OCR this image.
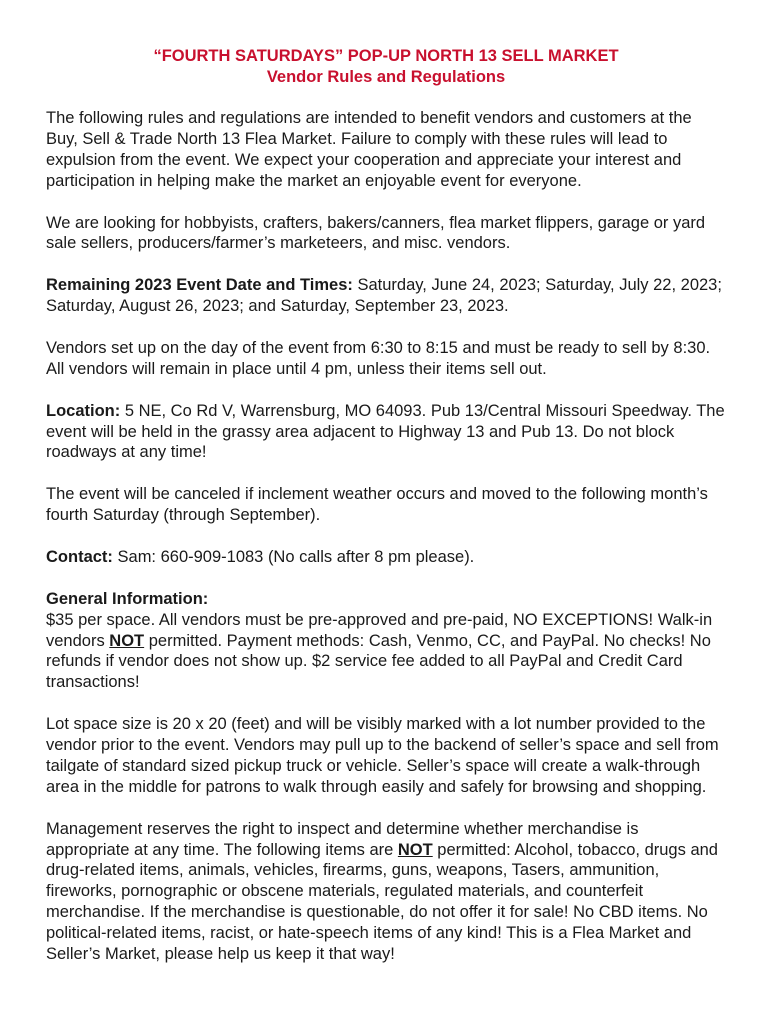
“FOURTH SATURDAYS” POP-UP NORTH 13 SELL MARKET
Vendor Rules and Regulations

The following rules and regulations are intended to benefit vendors and customers at the Buy, Sell & Trade North 13 Flea Market. Failure to comply with these rules will lead to expulsion from the event. We expect your cooperation and appreciate your interest and participation in helping make the market an enjoyable event for everyone.

We are looking for hobbyists, crafters, bakers/canners, flea market flippers, garage or yard sale sellers, producers/farmer’s marketeers, and misc. vendors.

Remaining 2023 Event Date and Times: Saturday, June 24, 2023; Saturday, July 22, 2023; Saturday, August 26, 2023; and Saturday, September 23, 2023.

Vendors set up on the day of the event from 6:30 to 8:15 and must be ready to sell by 8:30. All vendors will remain in place until 4 pm, unless their items sell out.

Location: 5 NE, Co Rd V, Warrensburg, MO 64093. Pub 13/Central Missouri Speedway. The event will be held in the grassy area adjacent to Highway 13 and Pub 13. Do not block roadways at any time!

The event will be canceled if inclement weather occurs and moved to the following month’s fourth Saturday (through September).

Contact: Sam: 660-909-1083 (No calls after 8 pm please).

General Information:

$35 per space. All vendors must be pre-approved and pre-paid, NO EXCEPTIONS! Walk-in vendors NOT permitted. Payment methods: Cash, Venmo, CC, and PayPal. No checks! No refunds if vendor does not show up. $2 service fee added to all PayPal and Credit Card transactions!

Lot space size is 20 x 20 (feet) and will be visibly marked with a lot number provided to the vendor prior to the event. Vendors may pull up to the backend of seller’s space and sell from tailgate of standard sized pickup truck or vehicle. Seller’s space will create a walk-through area in the middle for patrons to walk through easily and safely for browsing and shopping.

Management reserves the right to inspect and determine whether merchandise is appropriate at any time. The following items are NOT permitted: Alcohol, tobacco, drugs and drug-related items, animals, vehicles, firearms, guns, weapons, Tasers, ammunition, fireworks, pornographic or obscene materials, regulated materials, and counterfeit merchandise. If the merchandise is questionable, do not offer it for sale! No CBD items. No political-related items, racist, or hate-speech items of any kind! This is a Flea Market and Seller’s Market, please help us keep it that way!
